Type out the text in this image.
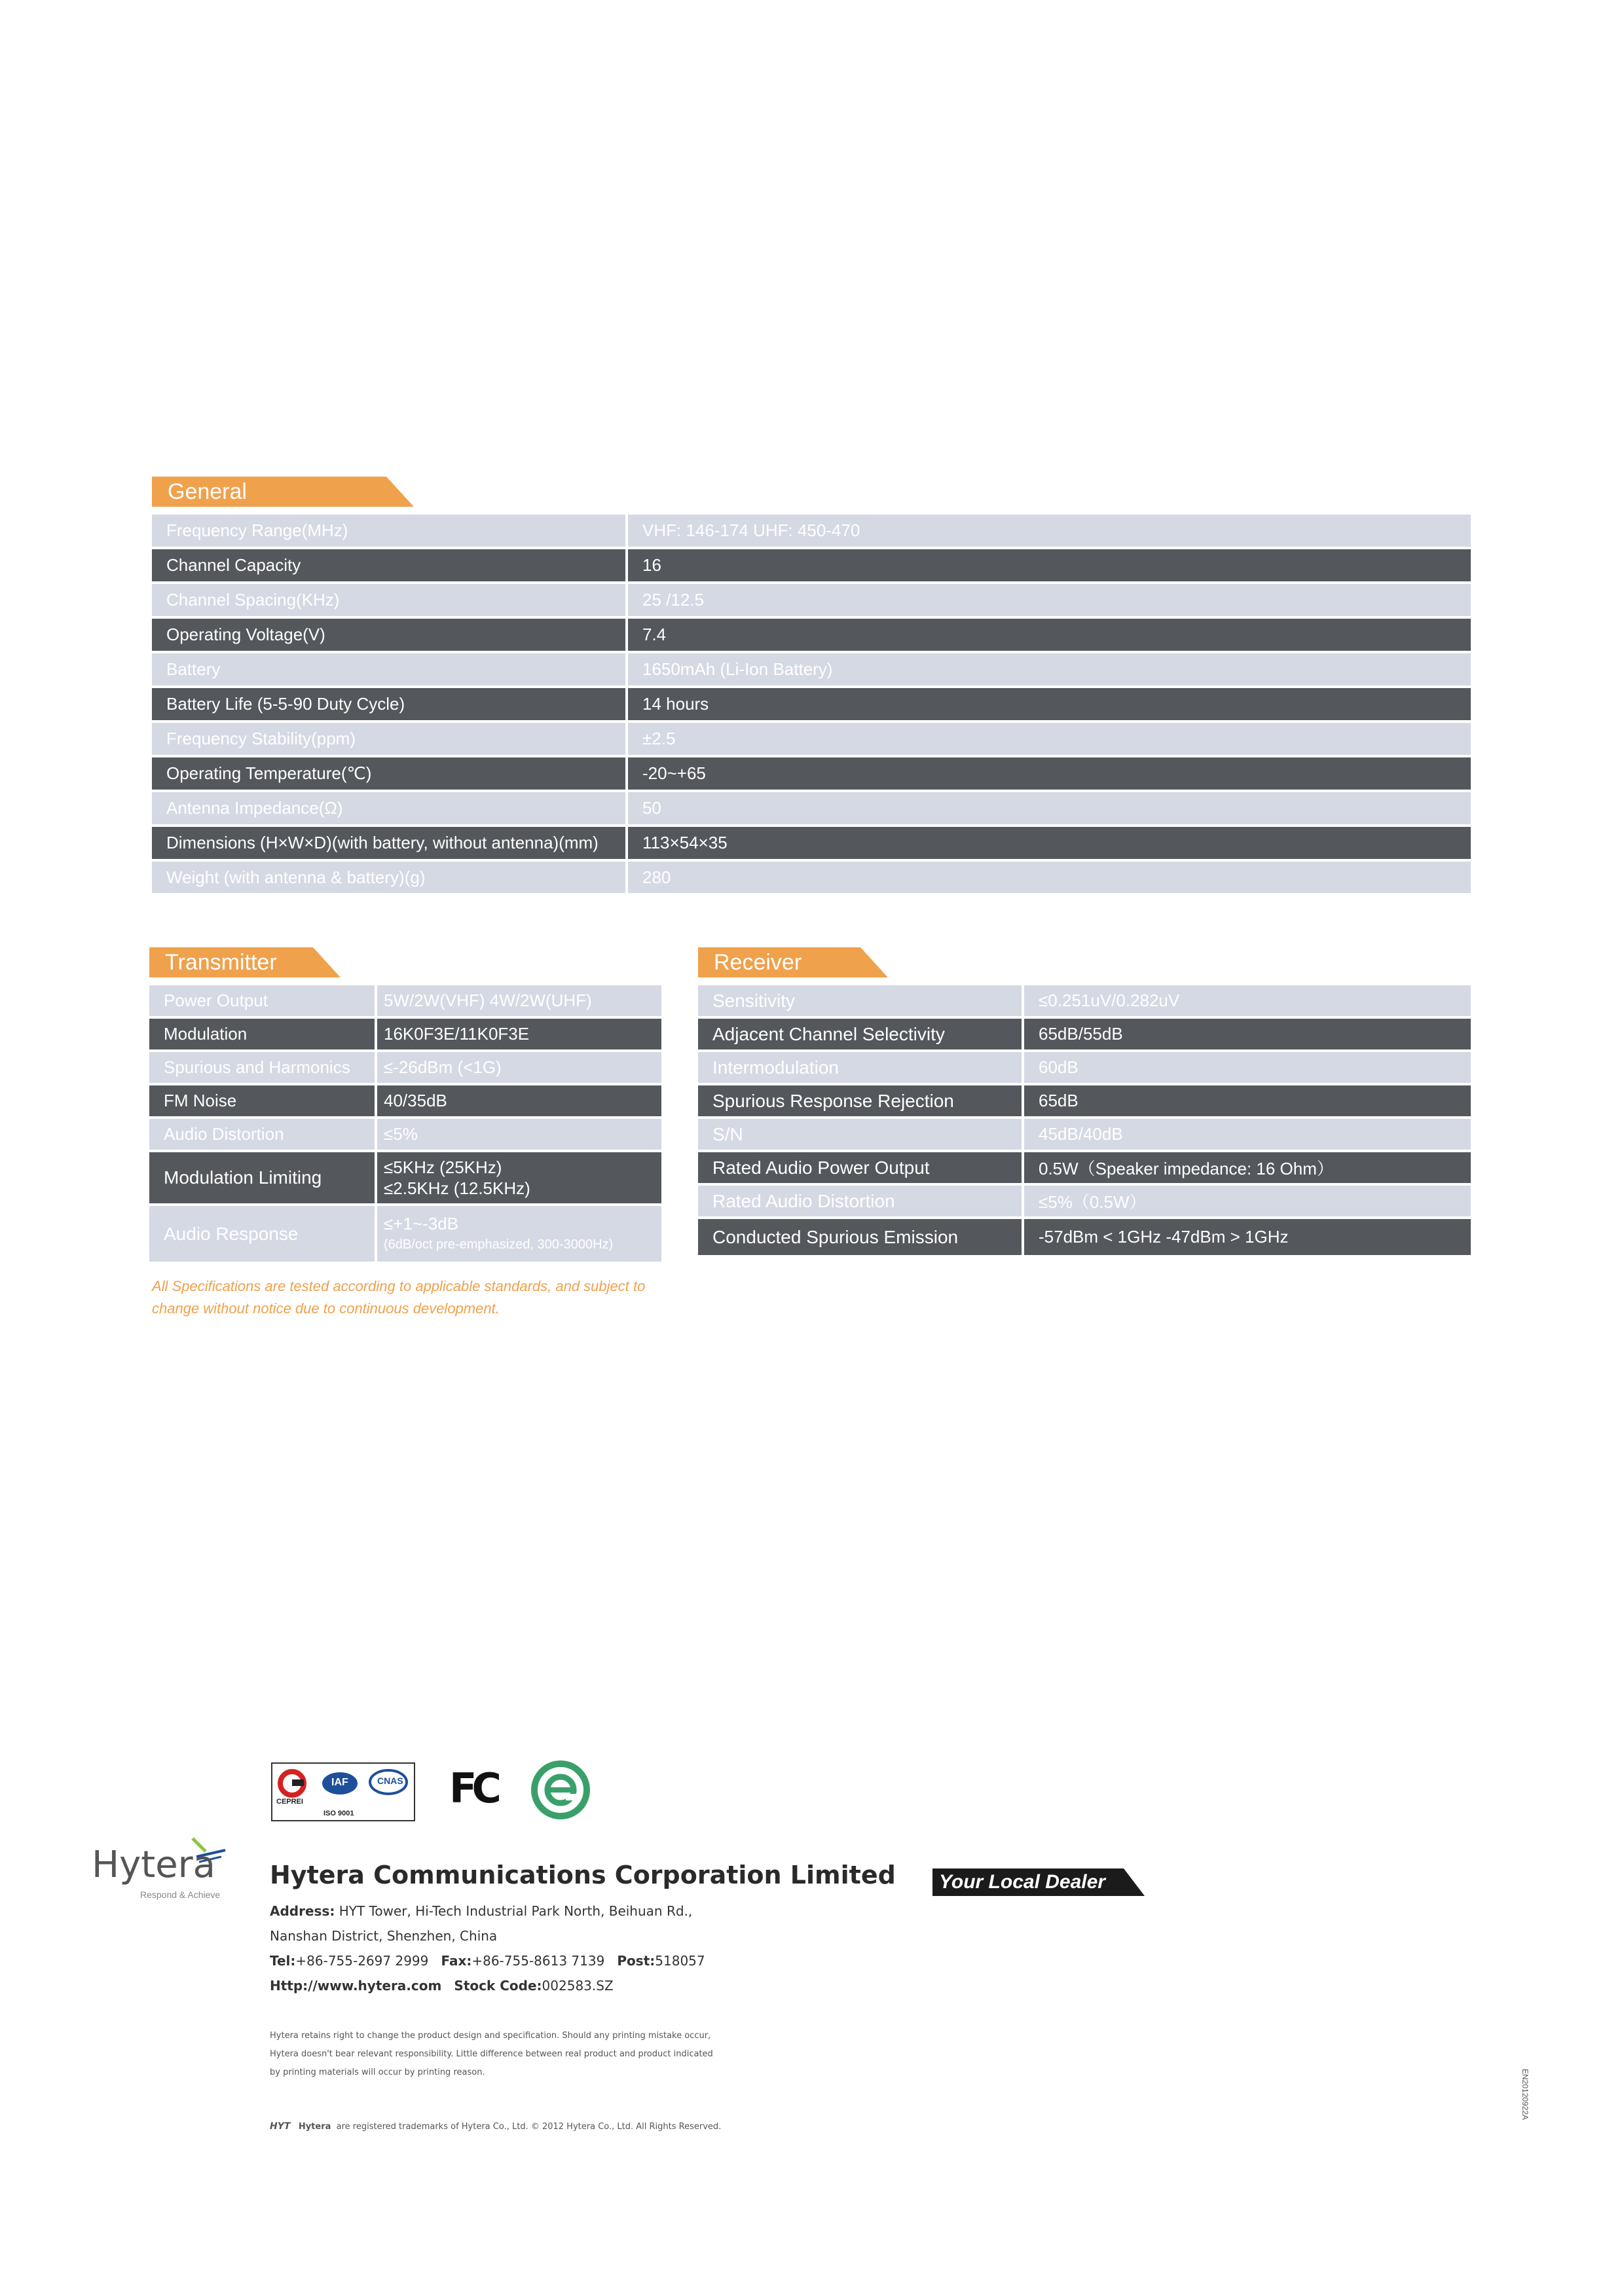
General
Frequency Range(MHz)	VHF: 146-174 UHF: 450-470
Channel Capacity	16
Channel Spacing(KHz)	25 /12.5
Operating Voltage(V)	7.4
Battery	1650mAh (Li-Ion Battery)
Battery Life (5-5-90 Duty Cycle)	14 hours
Frequency Stability(ppm)	±2.5
Operating Temperature(℃)	-20~+65
Antenna Impedance(Ω)	50
Dimensions (H×W×D)(with battery, without antenna)(mm)	113×54×35
Weight (with antenna & battery)(g)	280
Transmitter
Power Output	5W/2W(VHF) 4W/2W(UHF)
Modulation	16K0F3E/11K0F3E
Spurious and Harmonics	≤-26dBm (<1G)
FM Noise	40/35dB
Audio Distortion	≤5%
Modulation Limiting	≤5KHz (25KHz)
≤2.5KHz (12.5KHz)
Audio Response	≤+1~-3dB
(6dB/oct pre-emphasized, 300-3000Hz)
All Specifications are tested according to applicable standards, and subject to
change without notice due to continuous development.
Receiver
Sensitivity	≤0.251uV/0.282uV
Adjacent Channel Selectivity	65dB/55dB
Intermodulation	60dB
Spurious Response Rejection	65dB
S/N	45dB/40dB
Rated Audio Power Output	0.5W（Speaker impedance: 16 Ohm）
Rated Audio Distortion	≤5%（0.5W）
Conducted Spurious Emission	-57dBm < 1GHz -47dBm > 1GHz
IAF	CNAS
CEPREI
ISO 9001
FC
Hytera
Respond & Achieve
Hytera Communications Corporation Limited
Address: HYT Tower, Hi-Tech Industrial Park North, Beihuan Rd.,
Nanshan District, Shenzhen, China
Tel:+86-755-2697 2999 Fax:+86-755-8613 7139 Post:518057
Http://www.hytera.com Stock Code:002583.SZ
Hytera retains right to change the product design and specification. Should any printing mistake occur,
Hytera doesn't bear relevant responsibility. Little difference between real product and product indicated
by printing materials will occur by printing reason.
HYT Hytera are registered trademarks of Hytera Co., Ltd. © 2012 Hytera Co., Ltd. All Rights Reserved.
Your Local Dealer
EN20120922A
